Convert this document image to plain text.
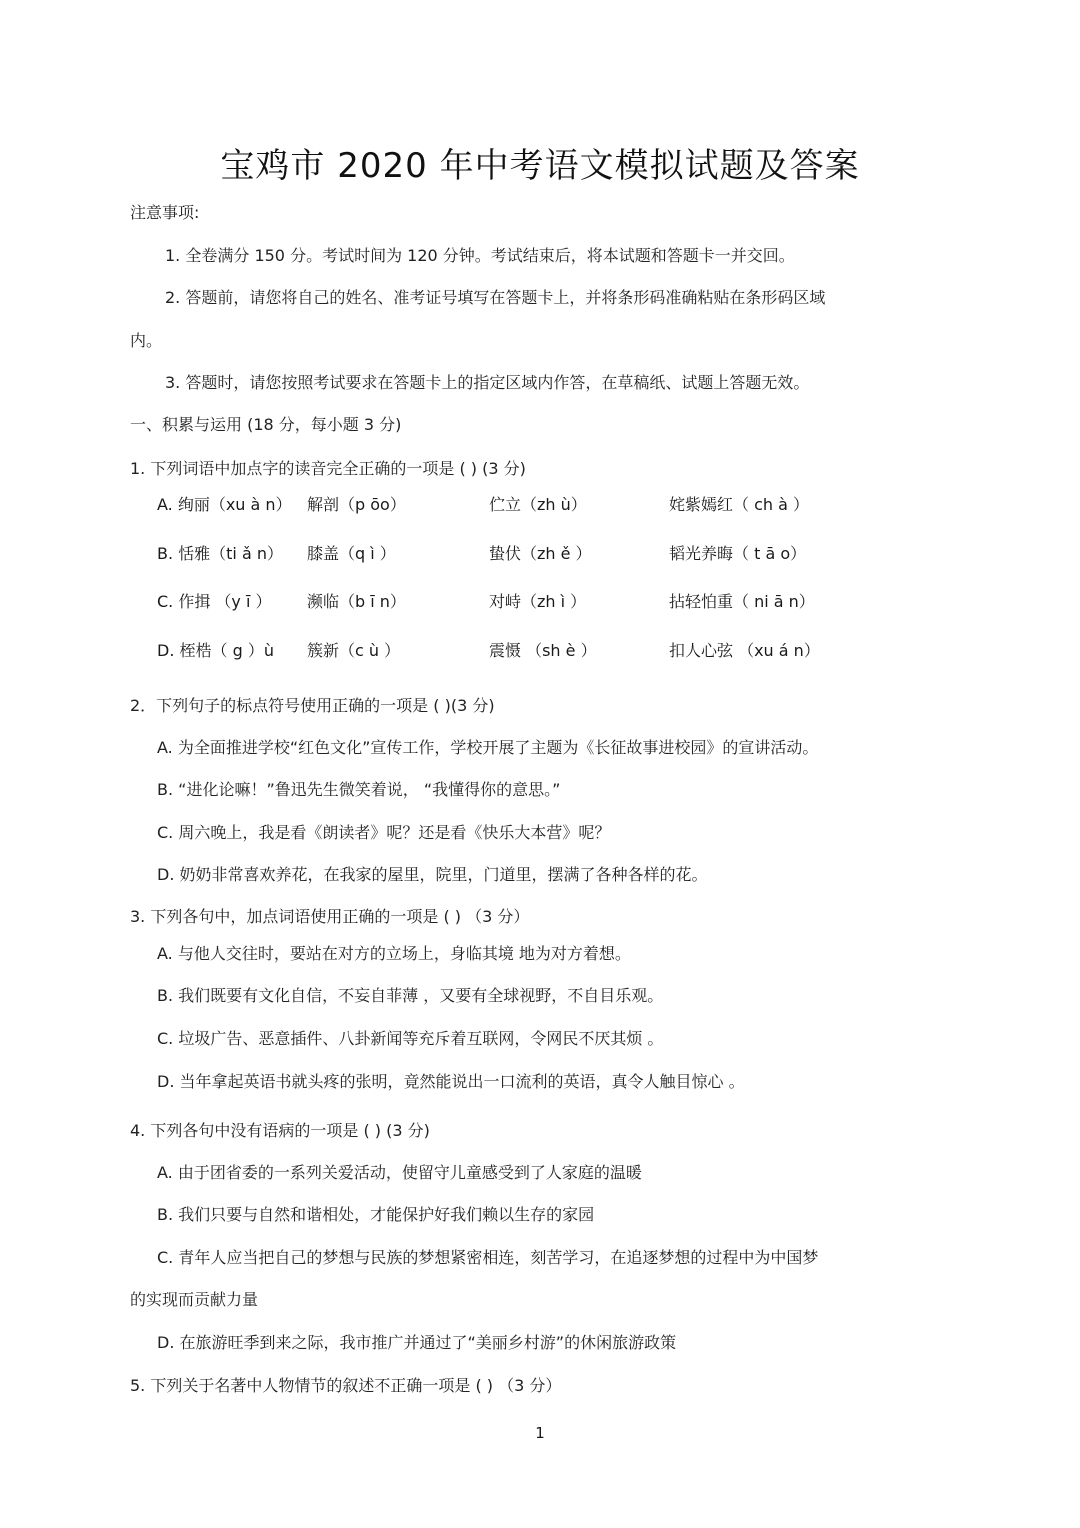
宝鸡市 2020 年中考语文模拟试题及答案
注意事项:
1. 全卷满分 150 分。考试时间为 120 分钟。考试结束后，将本试题和答题卡一并交回。
2. 答题前，请您将自己的姓名、准考证号填写在答题卡上，并将条形码准确粘贴在条形码区域
内。
3. 答题时，请您按照考试要求在答题卡上的指定区域内作答，在草稿纸、试题上答题无效。
一、积累与运用 (18 分，每小题 3 分)
1. 下列词语中加点字的读音完全正确的一项是 ( ) (3 分)
A. 绚丽（xu à n） 解剖（p ōo）	伫立（zh ù）	姹紫嫣红（ ch à ）
B. 恬雅（ti ǎ n） 膝盖（q ì ）	蛰伏（zh ě ）	韬光养晦（ t ā o）
C. 作揖 （y ī ） 濒临（b ī n）	对峙（zh ì ）	拈轻怕重（ ni ā n）
D. 桎梏（ g ）ù 簇新（c ù ）	震慑 （sh è ）	扣人心弦 （xu á n）
2．下列句子的标点符号使用正确的一项是 ( )(3 分)
A. 为全面推进学校“红色文化”宣传工作，学校开展了主题为《长征故事进校园》的宣讲活动。
B. “进化论嘛！”鲁迅先生微笑着说， “我懂得你的意思。”
C. 周六晚上，我是看《朗读者》呢？还是看《快乐大本营》呢？
D. 奶奶非常喜欢养花，在我家的屋里，院里，门道里，摆满了各种各样的花。
3. 下列各句中，加点词语使用正确的一项是 ( ) （3 分）
A. 与他人交往时，要站在对方的立场上，身临其境 地为对方着想。
B. 我们既要有文化自信，不妄自菲薄 ，又要有全球视野，不自目乐观。
C. 垃圾广告、恶意插件、八卦新闻等充斥着互联网，令网民不厌其烦 。
D. 当年拿起英语书就头疼的张明，竟然能说出一口流利的英语，真令人触目惊心 。
4. 下列各句中没有语病的一项是 ( ) (3 分)
A. 由于团省委的一系列关爱活动，使留守儿童感受到了人家庭的温暖
B. 我们只要与自然和谐相处，才能保护好我们赖以生存的家园
C. 青年人应当把自己的梦想与民族的梦想紧密相连，刻苦学习，在追逐梦想的过程中为中国梦
的实现而贡献力量
D. 在旅游旺季到来之际，我市推广并通过了“美丽乡村游”的休闲旅游政策
5. 下列关于名著中人物情节的叙述不正确一项是 ( ) （3 分）
1
